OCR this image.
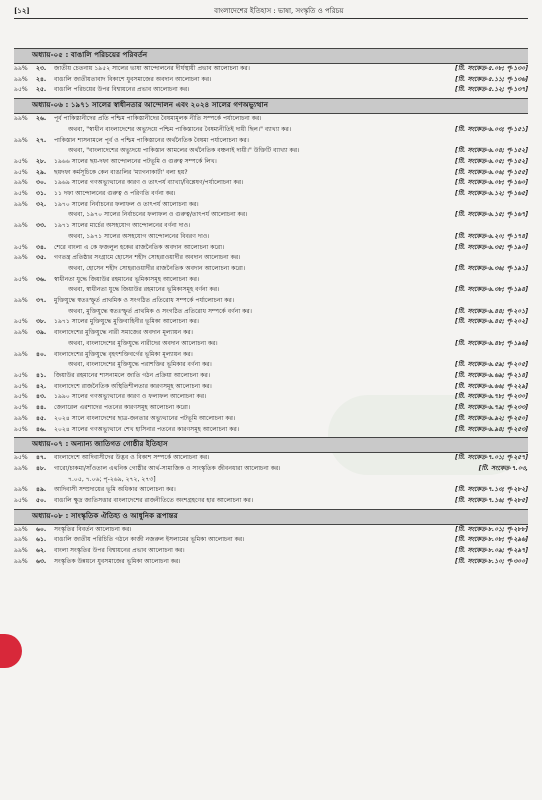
[১২]	বাংলাদেশের ইতিহাস : ভাষা, সংস্কৃতি ও পরিচয়
অধ্যায়-০৫ : বাঙালি পরিচয়ের পরিবর্তন
৯৯%	২৩.	জাতীয় চেতনায় ১৯৫২ সালের ভাষা আন্দোলনের দীর্ঘস্থায়ী প্রভাব আলোচনা কর।	[টি. সংকেত-৫.০৮; পৃ-১৩০]
৯৯%	২৪.	বাঙালি জাতীয়তাবাদ বিকাশে যুবসমাজের অবদান আলোচনা কর।	[টি. সংকেত-৫.১১; পৃ-১৩৬]
৯৫%	২৫.	বাঙালি পরিচয়ের উপর বিশ্বায়নের প্রভাব আলোচনা কর।	[টি. সংকেত-৫.১২; পৃ-১৩৭]
অধ্যায়-০৬ : ১৯৭১ সালের স্বাধীনতার আন্দোলন এবং ২০২৪ সালের গণঅভ্যুত্থান
৯৯%	২৬.	পূর্ব পাকিস্তানীদের প্রতি পশ্চিম পাকিস্তানীদের বৈষম্যমূলক নীতি সম্পর্কে পর্যালোচনা কর।
অথবা, "স্বাধীন বাংলাদেশের অভ্যুদয়ে পশ্চিম পাকিস্তানের বৈষম্যনীতিই দায়ী ছিল।" ব্যাখ্যা কর।	[টি. সংকেত-৬.০৩; পৃ-১৫১]
৯৯%	২৭.	পাকিস্তান শাসনামলে পূর্ব ও পশ্চিম পাকিস্তানের অর্থনৈতিক বৈষম্য পর্যালোচনা কর।
অথবা, "বাংলাদেশের অভ্যুদয়ে পাকিস্তান আমলের অর্থনৈতিক বঞ্চনাই দায়ী।" উক্তিটি ব্যাখ্যা কর।	[টি. সংকেত-৬.০৪; পৃ-১৫২]
৯৫%	২৮.	১৯৬৬ সালের ছয়-দফা আন্দোলনের পটভূমি ও গুরুত্ব সম্পর্কে লিখ।	[টি. সংকেত-৬.০৫; পৃ-১৫২]
৯৫%	২৯.	ছয়দফা কর্মসূচিকে কেন বাঙালির 'ম্যাগনাকার্টা' বলা হয়?	[টি. সংকেত-৬.০৬; পৃ-১৫৫]
৯৯%	৩০.	১৯৬৯ সালের গণঅভ্যুত্থানের কারণ ও তাৎপর্য ব্যাখ্যা/বিশ্লেষণ/পর্যালোচনা কর।	[টি. সংকেত-৬.০৮; পৃ-১৬০]
৯৫%	৩১.	১১ দফা আন্দোলনের গুরুত্ব ও পরিণতি বর্ণনা কর।	[টি. সংকেত-৬.১২; পৃ-১৬৫]
৯৯%	৩২.	১৯৭০ সালের নির্বাচনের ফলাফল ও তাৎপর্য আলোচনা কর।
অথবা, ১৯৭০ সালের নির্বাচনের ফলাফল ও গুরুত্ব/তাৎপর্য আলোচনা কর।	[টি. সংকেত-৬.১৫; পৃ-১৬৭]
৯৯%	৩৩.	১৯৭১ সালের মার্চের অসহযোগ আন্দোলনের বর্ণনা দাও।
অথবা, ১৯৭১ সালের অসহযোগ আন্দোলনের বিবরণ দাও।	[টি. সংকেত-৬.২০; পৃ-১৭৪]
৯৫%	৩৪.	শেরে বাংলা এ কে ফজলুল হকের রাজনৈতিক অবদান আলোচনা করো।	[টি. সংকেত-৬.৩৫; পৃ-১৯০]
৯৯%	৩৫.	গণতন্ত্র প্রতিষ্ঠার সংগ্রামে হোসেন শহীদ সোহরাওয়ার্দীর অবদান আলোচনা কর।
অথবা, হোসেন শহীদ সোহরাওয়ার্দীর রাজনৈতিক অবদান আলোচনা করো।	[টি. সংকেত-৬.৩৬; পৃ-১৯১]
৯৫%	৩৬.	স্বাধীনতা যুদ্ধে জিয়াউর রহমানের ভূমিকাসমূহ আলোচনা কর।
অথবা, স্বাধীনতা যুদ্ধে জিয়াউর রহমানের ভূমিকাসমূহ বর্ণনা কর।	[টি. সংকেত-৬.৩৮; পৃ-১৯৪]
৯৯%	৩৭.	মুক্তিযুদ্ধে স্বতঃস্ফূর্ত প্রাথমিক ও সংগঠিত প্রতিরোধ সম্পর্কে পর্যালোচনা কর।
অথবা, মুক্তিযুদ্ধে স্বতঃস্ফূর্ত প্রাথমিক ও সংগঠিত প্রতিরোধ সম্পর্কে বর্ণনা কর।	[টি. সংকেত-৬.৪৪; পৃ-২০১]
৯৫%	৩৮.	১৯৭১ সালের মুক্তিযুদ্ধে মুক্তিবাহিনীর ভূমিকা আলোচনা কর।	[টি. সংকেত-৬.৪৫; পৃ-২০২]
৯৯%	৩৯.	বাংলাদেশের মুক্তিযুদ্ধে নারী সমাজের অবদান মূল্যায়ন কর।
অথবা, বাংলাদেশের মুক্তিযুদ্ধে নারীদের অবদান আলোচনা কর।	[টি. সংকেত-৬.৪৮; পৃ-১৯৬]
৯৯%	৪০.	বাংলাদেশের মুক্তিযুদ্ধে বৃহৎশক্তিবর্গের ভূমিকা মূল্যায়ন কর।
অথবা, বাংলাদেশের মুক্তিযুদ্ধে পরাশক্তির ভূমিকার বর্ণনা কর।	[টি. সংকেত-৬.৫৯; পৃ-২০৫]
৯৫%	৪১.	জিয়াউর রহমানের শাসনামলে জাতি গঠন প্রক্রিয়া আলোচনা কর।	[টি. সংকেত-৬.৬৯; পৃ-২১৪]
৯৫%	৪২.	বাংলাদেশে রাজনৈতিক অস্থিতিশীলতার কারণসমূহ আলোচনা কর।	[টি. সংকেত-৬.৬৬; পৃ-২২৯]
৯৫%	৪৩.	১৯৯০ সালের গণঅভ্যুত্থানের কারণ ও ফলাফল আলোচনা কর।	[টি. সংকেত-৬.৭৮; পৃ-২৩০]
৯৫%	৪৪.	জেনারেল এরশাদের পতনের কারণসমূহ আলোচনা করো।	[টি. সংকেত-৬.৭৯; পৃ-২৩৩]
৯৯%	৪৫.	২০২৪ সালে বাংলাদেশের ছাত্র-জনতার অভ্যুত্থানের পটভূমি আলোচনা কর।	[টি. সংকেত-৬.৯২; পৃ-২৫০]
৯৫%	৪৬.	২০২৪ সালের গণঅভ্যুত্থানে শেখ হাসিনার পতনের কারণসমূহ আলোচনা কর।	[টি. সংকেত-৬.৯৪; পৃ-২৫৩]
অধ্যায়-০৭ : অন্যান্য জাতিগত গোষ্ঠীর ইতিহাস
৯৫%	৪৭.	বাংলাদেশে আদিবাসীদের উদ্ভব ও বিকাশ সম্পর্কে আলোচনা কর।	[টি. সংকেত-৭.০১; পৃ-২৫৭]
৯৯%	৪৮.	গারো/চাকমা/সাঁওতাল এথনিক গোষ্ঠীর আর্থ-সামাজিক ও সাংস্কৃতিক জীবনধারা আলোচনা কর।	[টি. সংকেত-৭.০৩,
৭.০৫, ৭.০৬; পৃ-২৬৯, ২৭২, ২৭৩]
৯৯%	৪৯.	আদিবাসী সম্প্রদায়ের ভূমি অধিকার আলোচনা কর।	[টি. সংকেত-৭.১৩; পৃ-২৮২]
৯৫%	৫০.	বাঙালি ক্ষুদ্র জাতিসত্তার বাংলাদেশের রাজনীতিতে অংশগ্রহণের হার আলোচনা কর।	[টি. সংকেত-৭.১৬; পৃ-২৮৫]
অধ্যায়-০৮ : সাংস্কৃতিক ঐতিহ্য ও আধুনিক রূপান্তর
৯৯%	৬০.	সংস্কৃতির বিবর্তন আলোচনা কর।	[টি. সংকেত-৮.০১; পৃ-২৮৮]
৯৯%	৬১.	বাঙালি জাতীয় পরিচিতি গঠনে কাজী নজরুল ইসলামের ভূমিকা আলোচনা কর।	[টি. সংকেত-৮.০৮; পৃ-২৯৬]
৯৯%	৬২.	বাংলা সংস্কৃতির উপর বিশ্বায়নের প্রভাব আলোচনা কর।	[টি. সংকেত-৮.০৯; পৃ-২৯৭]
৯৯%	৬৩.	সংস্কৃতিক উন্নয়নে যুবসমাজের ভূমিকা আলোচনা কর।	[টি. সংকেত-৮.১০; পৃ-৩০০]
